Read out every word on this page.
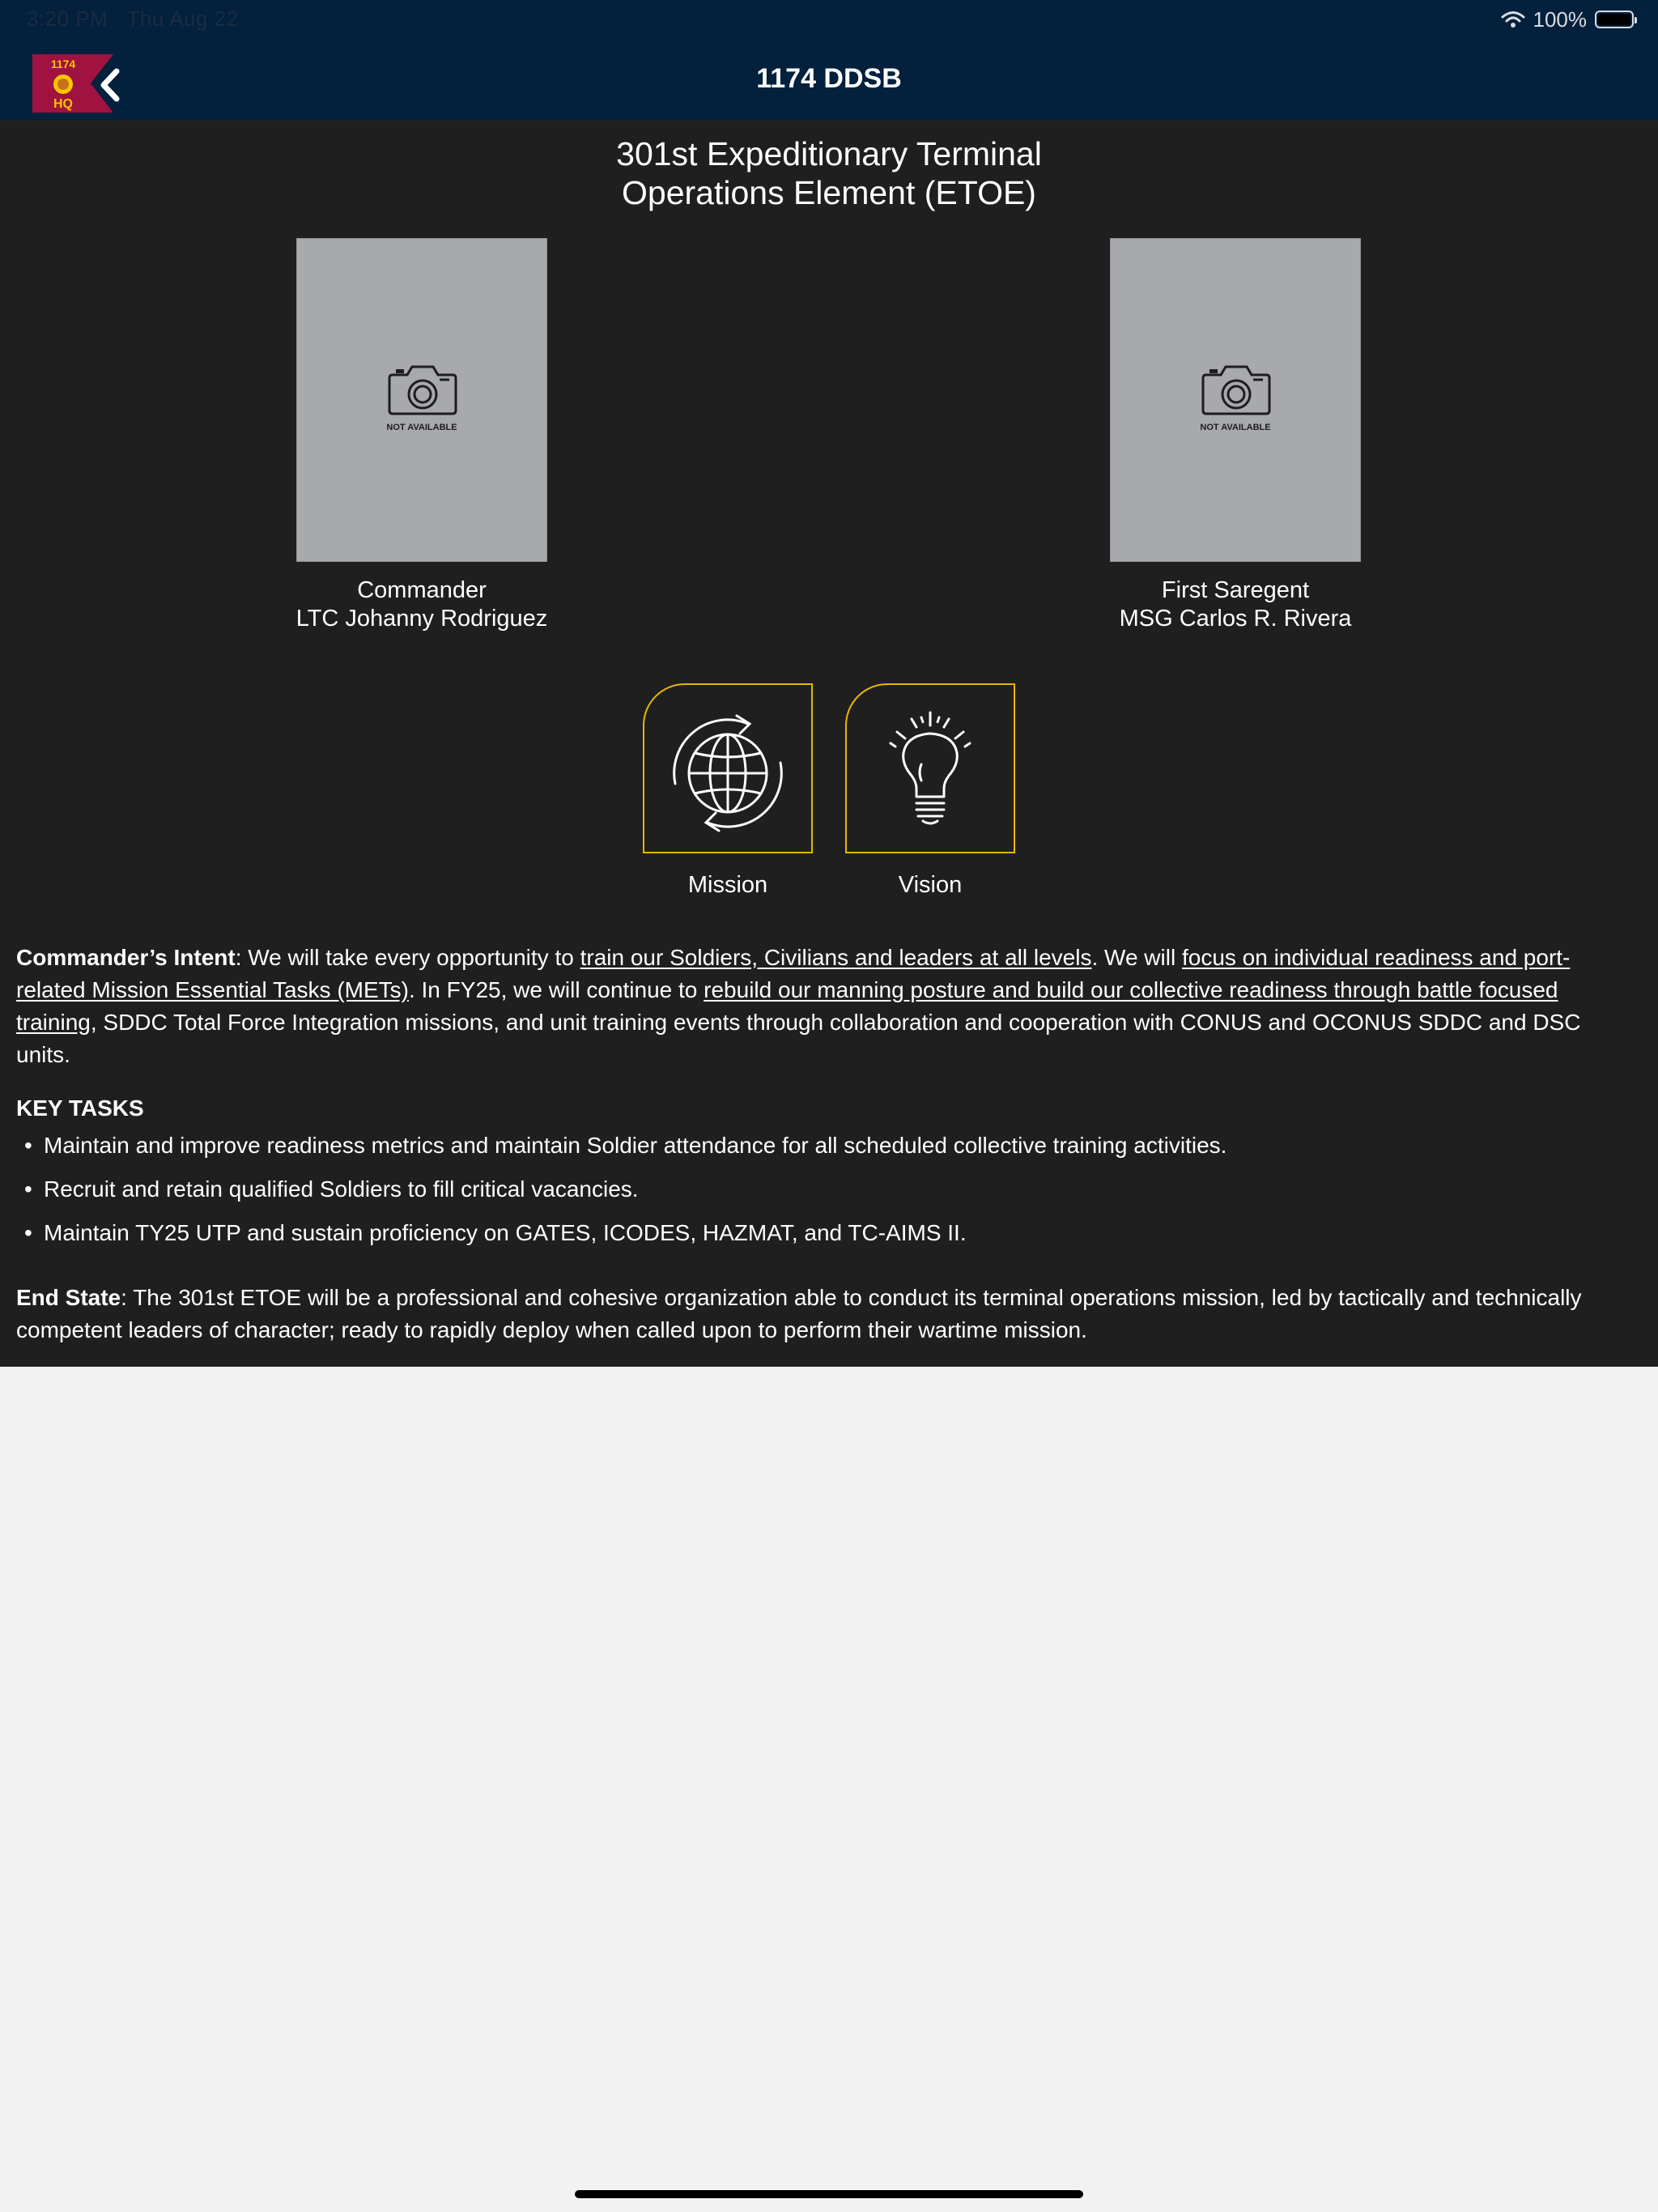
3:20 PM Thu Aug 22	100%
1174
HQ
1174 DDSB
301st Expeditionary Terminal
Operations Element (ETOE)
NOT AVAILABLE
Commander
LTC Johanny Rodriguez
NOT AVAILABLE
First Saregent
MSG Carlos R. Rivera
Mission	Vision

Commander’s Intent: We will take every opportunity to train our Soldiers, Civilians and leaders at all levels. We will focus on individual readiness and port-related Mission Essential Tasks (METs). In FY25, we will continue to rebuild our manning posture and build our collective readiness through battle focused training, SDDC Total Force Integration missions, and unit training events through collaboration and cooperation with CONUS and OCONUS SDDC and DSC units.

KEY TASKS
• Maintain and improve readiness metrics and maintain Soldier attendance for all scheduled collective training activities.
• Recruit and retain qualified Soldiers to fill critical vacancies.
• Maintain TY25 UTP and sustain proficiency on GATES, ICODES, HAZMAT, and TC-AIMS II.

End State: The 301st ETOE will be a professional and cohesive organization able to conduct its terminal operations mission, led by tactically and technically competent leaders of character; ready to rapidly deploy when called upon to perform their wartime mission.
